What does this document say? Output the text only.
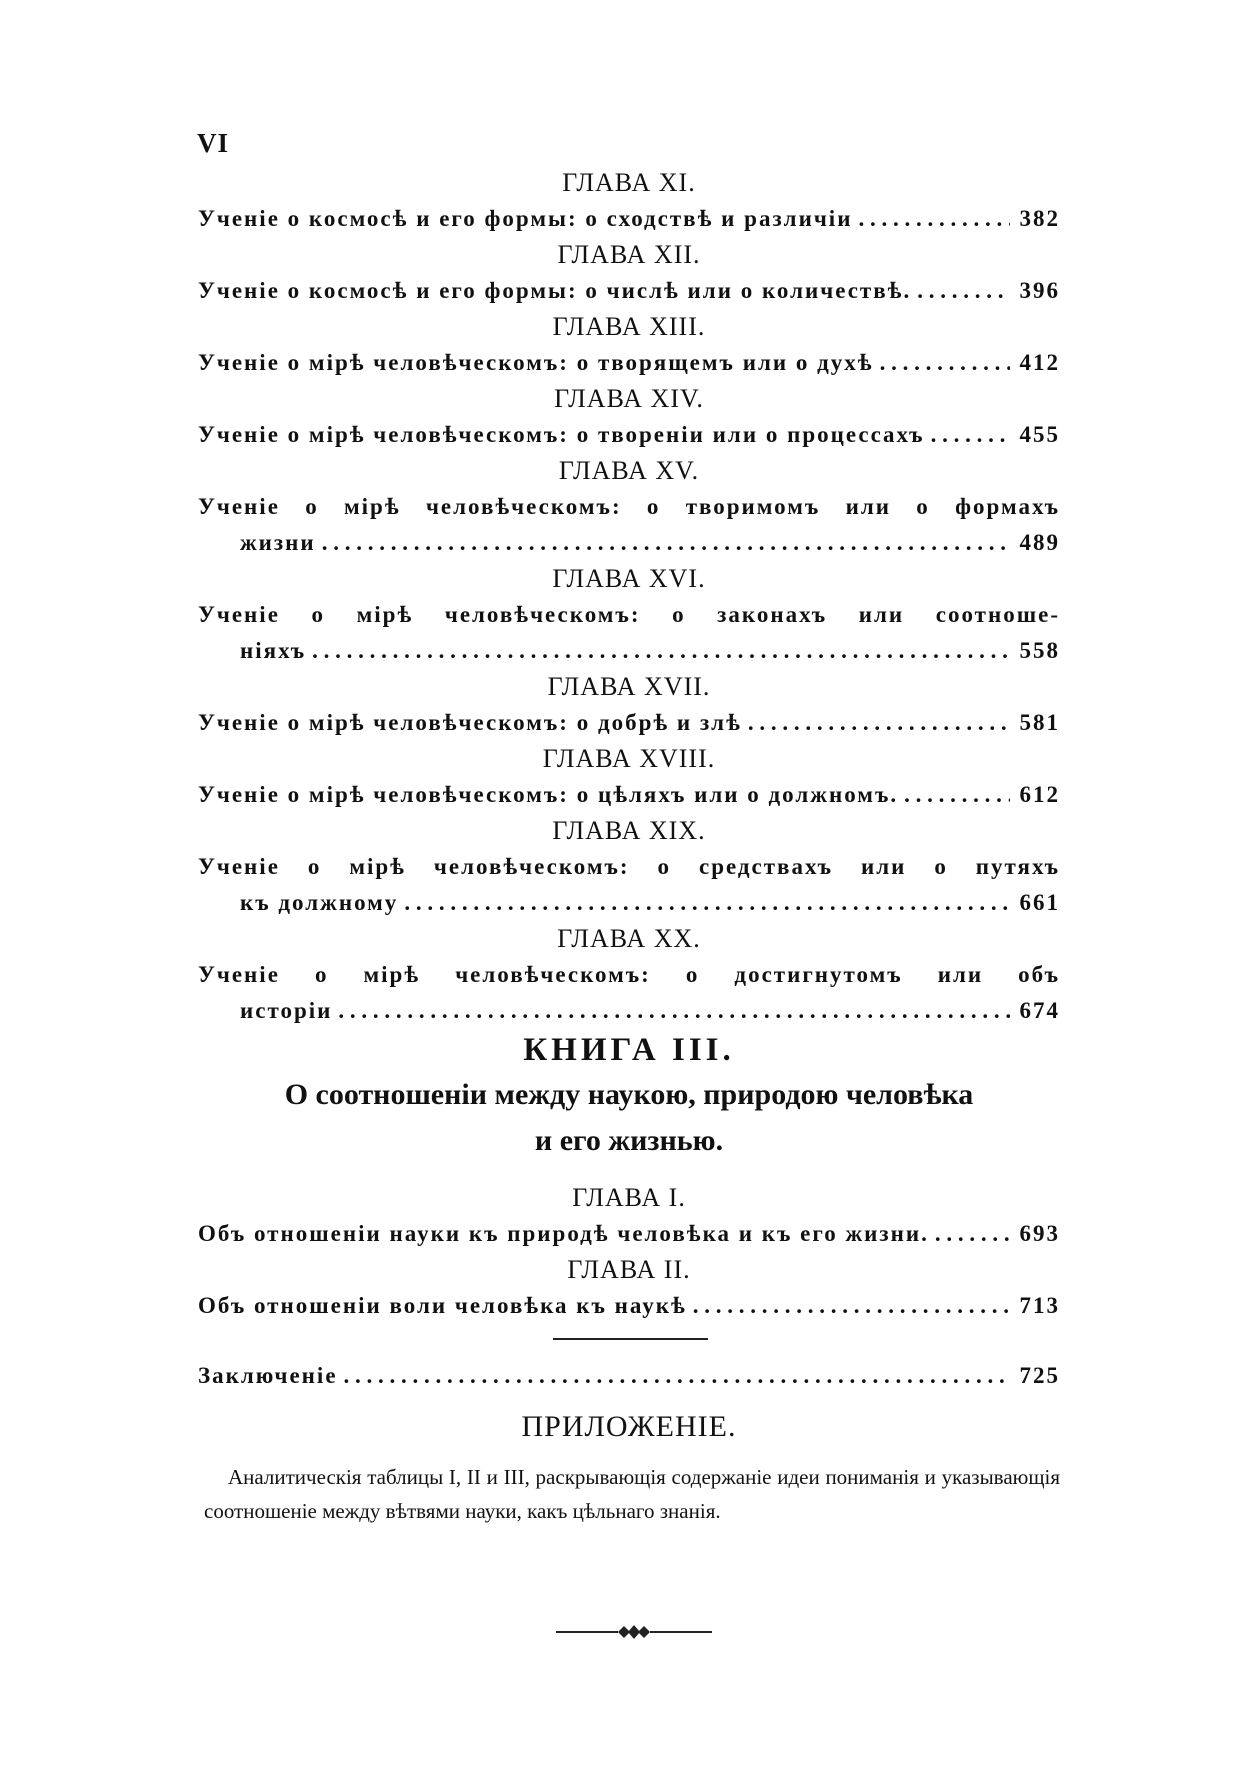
VI
ГЛАВА XI.
Ученіе о космосѣ и его формы: о сходствѣ и различіи . . .	382
ГЛАВА XII.
Ученіе о космосѣ и его формы: о числѣ или о количествѣ. . . .	396
ГЛАВА XIII.
Ученіе о мірѣ человѣческомъ: о творящемъ или о духѣ . . .	412
ГЛАВА XIV.
Ученіе о мірѣ человѣческомъ: о твореніи или о процессахъ . . .	455
ГЛАВА XV.
Ученіе о мірѣ человѣческомъ: о творимомъ или о формахъ
жизни . . .	489
ГЛАВА XVI.
Ученіе о мірѣ человѣческомъ: о законахъ или соотноше-
ніяхъ . . .	558
ГЛАВА XVII.
Ученіе о мірѣ человѣческомъ: о добрѣ и злѣ . . .	581
ГЛАВА XVIII.
Ученіе о мірѣ человѣческомъ: о цѣляхъ или о должномъ. . . .	612
ГЛАВА XIX.
Ученіе о мірѣ человѣческомъ: о средствахъ или о путяхъ
къ должному . . .	661
ГЛАВА XX.
Ученіе о мірѣ человѣческомъ: о достигнутомъ или объ
исторіи . . .	674
КНИГА III.
О соотношеніи между наукою, природою человѣка
и его жизнью.
ГЛАВА I.
Объ отношеніи науки къ природѣ человѣка и къ его жизни. . . .	693
ГЛАВА II.
Объ отношеніи воли человѣка къ наукѣ . . .	713
Заключеніе . . .	725
ПРИЛОЖЕНІЕ.
Аналитическія таблицы I, II и III, раскрывающія содержаніе идеи пониманія и указывающія соотношеніе между вѣтвями науки, какъ цѣльнаго знанія.
